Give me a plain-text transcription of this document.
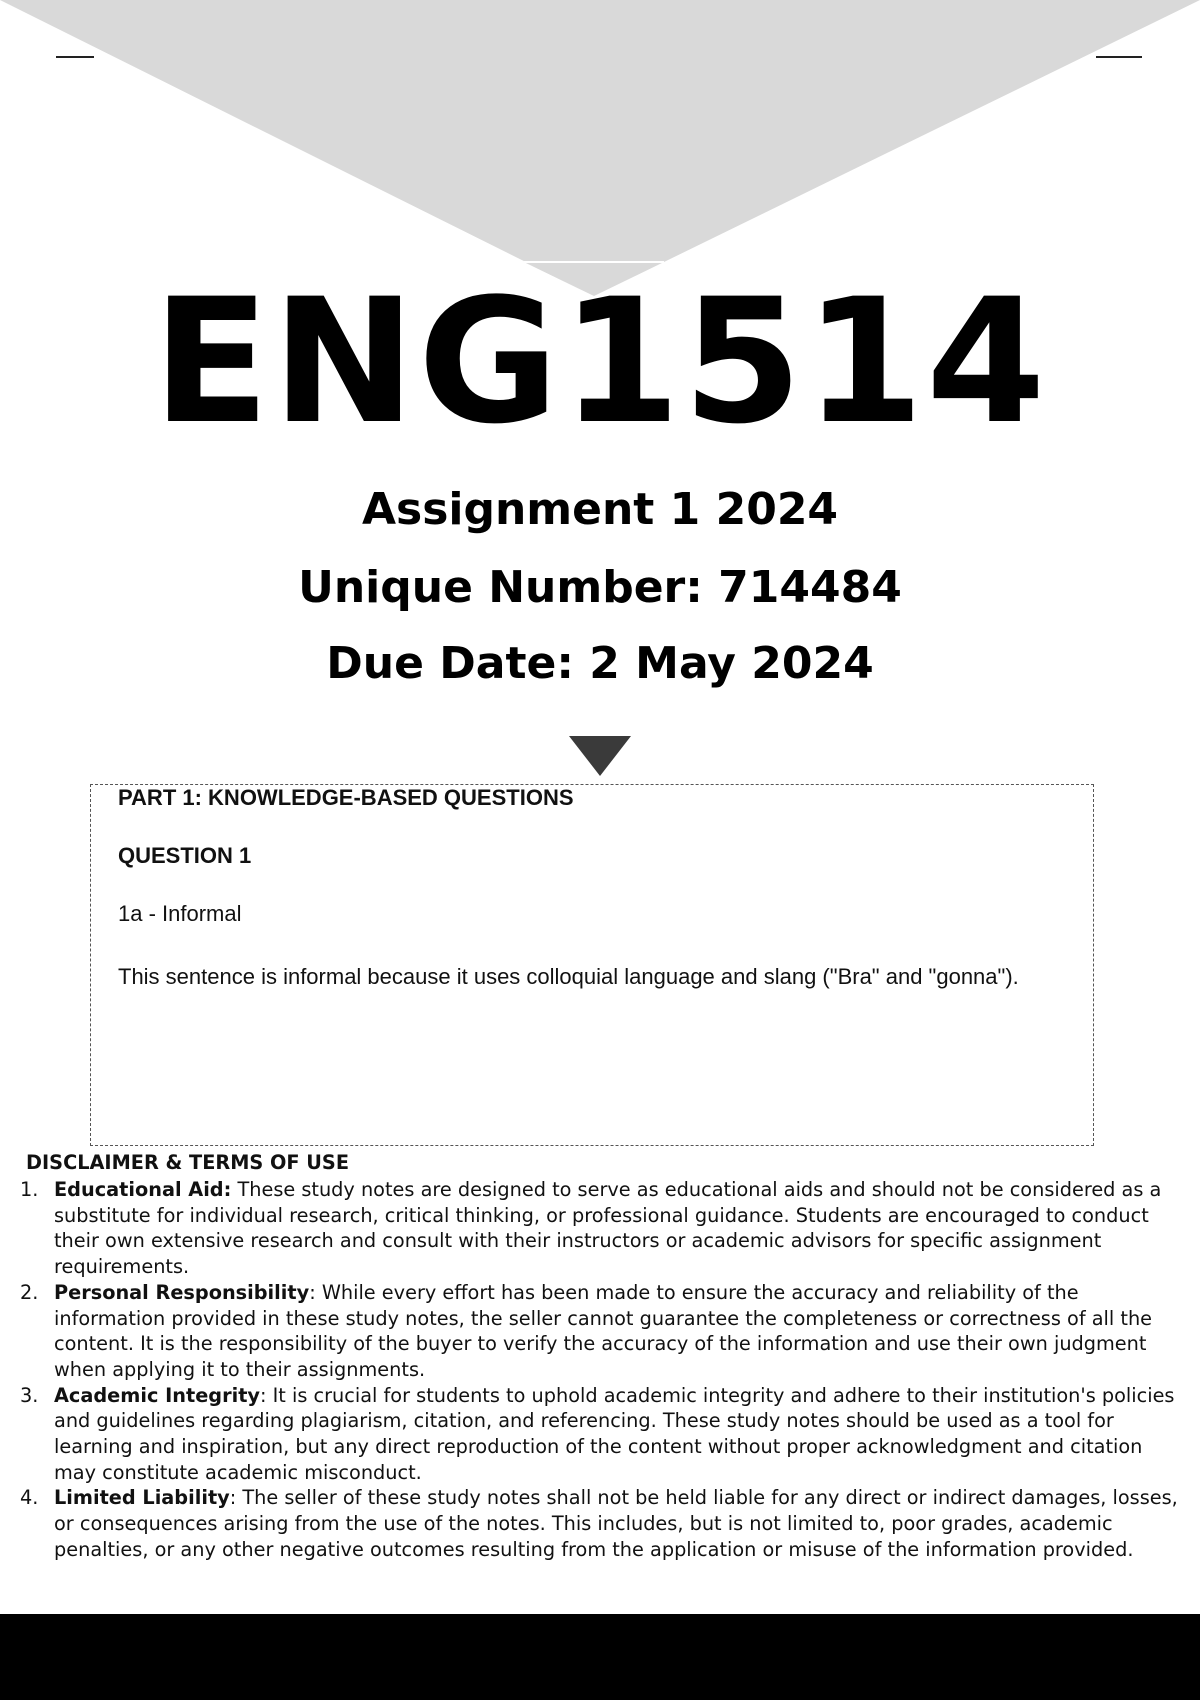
ENG1514
Assignment 1 2024
Unique Number: 714484
Due Date: 2 May 2024

PART 1: KNOWLEDGE-BASED QUESTIONS

QUESTION 1

1a - Informal

This sentence is informal because it uses colloquial language and slang ("Bra" and "gonna").

DISCLAIMER & TERMS OF USE

1. Educational Aid: These study notes are designed to serve as educational aids and should not be considered as a substitute for individual research, critical thinking, or professional guidance. Students are encouraged to conduct their own extensive research and consult with their instructors or academic advisors for specific assignment requirements.
2. Personal Responsibility: While every effort has been made to ensure the accuracy and reliability of the information provided in these study notes, the seller cannot guarantee the completeness or correctness of all the content. It is the responsibility of the buyer to verify the accuracy of the information and use their own judgment when applying it to their assignments.
3. Academic Integrity: It is crucial for students to uphold academic integrity and adhere to their institution's policies and guidelines regarding plagiarism, citation, and referencing. These study notes should be used as a tool for learning and inspiration, but any direct reproduction of the content without proper acknowledgment and citation may constitute academic misconduct.
4. Limited Liability: The seller of these study notes shall not be held liable for any direct or indirect damages, losses, or consequences arising from the use of the notes. This includes, but is not limited to, poor grades, academic penalties, or any other negative outcomes resulting from the application or misuse of the information provided.
